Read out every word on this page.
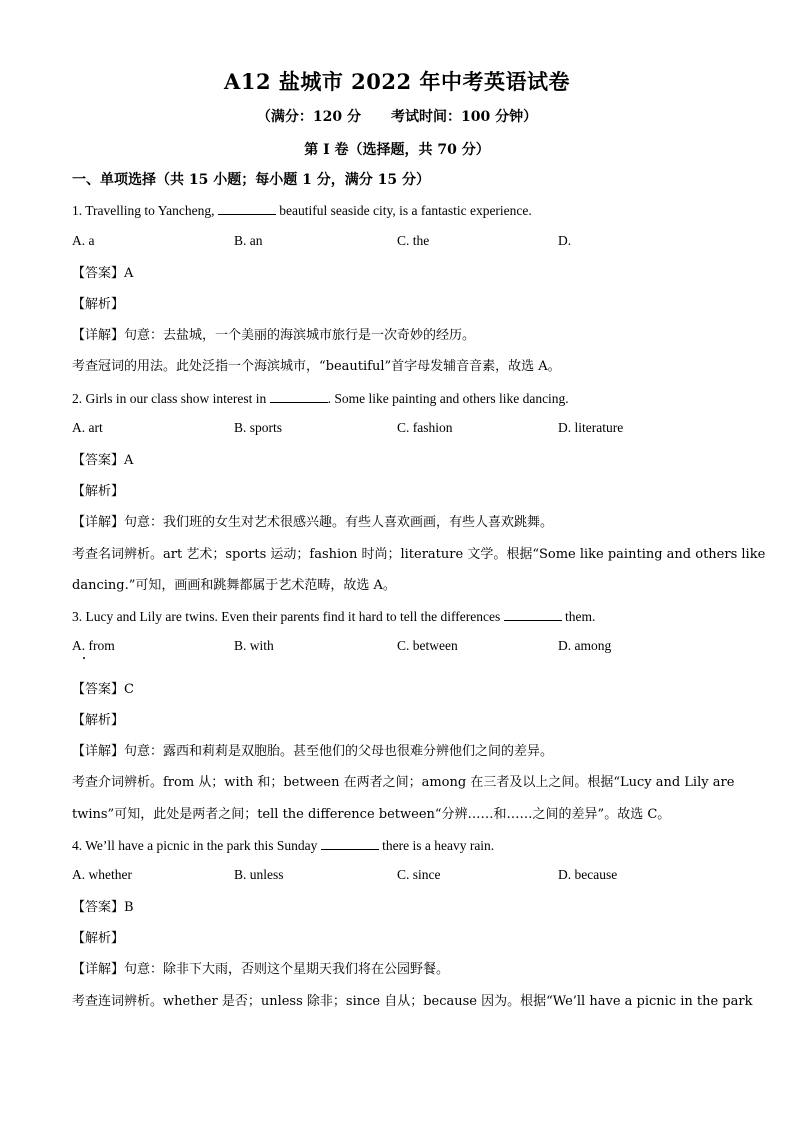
A12 盐城市 2022 年中考英语试卷
（满分：120 分 考试时间：100 分钟）
第 I 卷（选择题，共 70 分）
一、单项选择（共 15 小题；每小题 1 分，满分 15 分）
1. Travelling to Yancheng,	beautiful seaside city, is a fantastic experience.
A. a	B. an	C. the	D.
【答案】A
【解析】
【详解】句意：去盐城，一个美丽的海滨城市旅行是一次奇妙的经历。
考查冠词的用法。此处泛指一个海滨城市，“beautiful”首字母发辅音音素，故选 A。
2. Girls in our class show interest in	. Some like painting and others like dancing.
A. art	B. sports	C. fashion	D. literature
【答案】A
【解析】
【详解】句意：我们班的女生对艺术很感兴趣。有些人喜欢画画，有些人喜欢跳舞。
考查名词辨析。art 艺术；sports 运动；fashion 时尚；literature 文学。根据“Some like painting and others like
dancing.”可知，画画和跳舞都属于艺术范畴，故选 A。
3. Lucy and Lily are twins. Even their parents find it hard to tell the differences	them.
A. from	B. with	C. between	D. among
【答案】C
【解析】
【详解】句意：露西和莉莉是双胞胎。甚至他们的父母也很难分辨他们之间的差异。
考查介词辨析。from 从；with 和；between 在两者之间；among 在三者及以上之间。根据“Lucy and Lily are
twins”可知，此处是两者之间；tell the difference between“分辨……和……之间的差异”。故选 C。
4. We’ll have a picnic in the park this Sunday	there is a heavy rain.
A. whether	B. unless	C. since	D. because
【答案】B
【解析】
【详解】句意：除非下大雨，否则这个星期天我们将在公园野餐。
考查连词辨析。whether 是否；unless 除非；since 自从；because 因为。根据“We’ll have a picnic in the park
